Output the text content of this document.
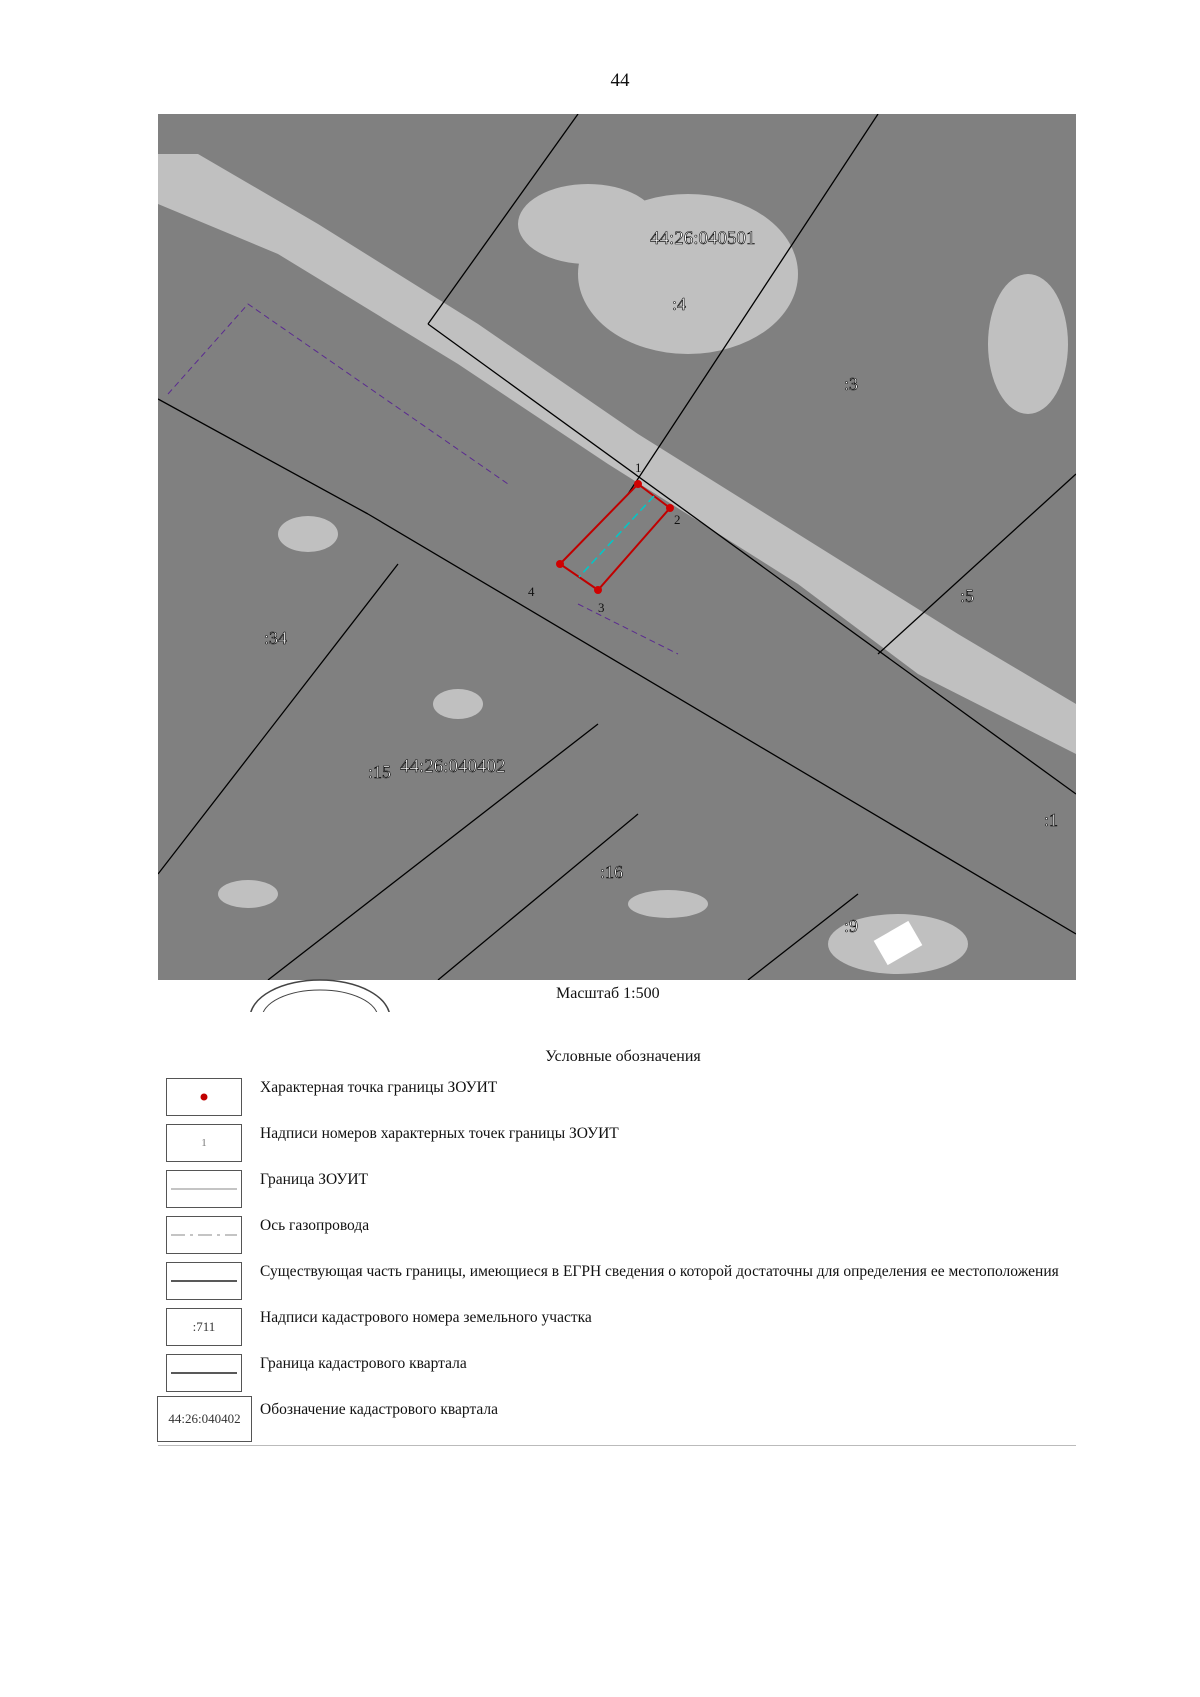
44
44:26:040501
44:26:040402
:4
:3
:5
:34
:15
:16
:1
:9
1
2
3
4
Масштаб 1:500
Условные обозначения
Характерная точка границы ЗОУИТ
1
Надписи номеров характерных точек границы ЗОУИТ
Граница ЗОУИТ
Ось газопровода
Существующая часть границы, имеющиеся в ЕГРН сведения о которой достаточны для определения ее местоположения
:711
Надписи кадастрового номера земельного участка
Граница кадастрового квартала
44:26:040402
Обозначение кадастрового квартала
